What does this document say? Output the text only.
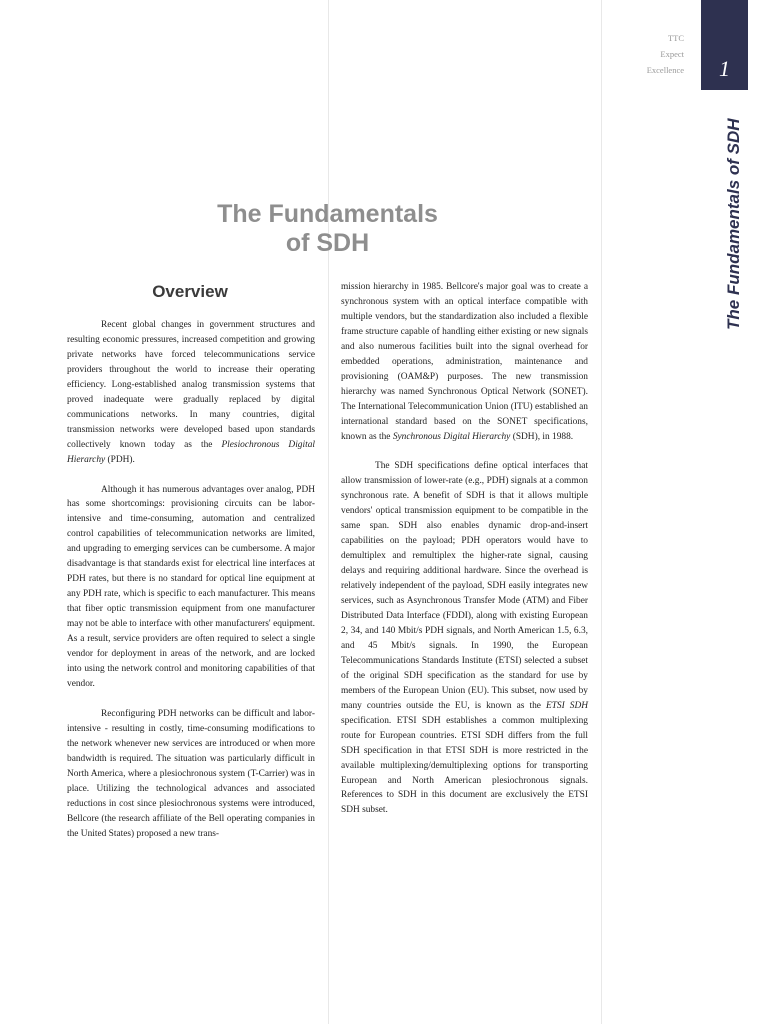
TTC
Expect
Excellence	1
The Fundamentals of SDH
The Fundamentals
of SDH
Overview

Recent global changes in government structures and resulting economic pressures, increased competition and growing private networks have forced telecommunications service providers throughout the world to increase their operating efficiency. Long-established analog transmission systems that proved inadequate were gradually replaced by digital communications networks. In many countries, digital transmission networks were developed based upon standards collectively known today as the Plesiochronous Digital Hierarchy (PDH).

Although it has numerous advantages over analog, PDH has some shortcomings: provisioning circuits can be labor-intensive and time-consuming, automation and centralized control capabilities of telecommunication networks are limited, and upgrading to emerging services can be cumbersome. A major disadvantage is that standards exist for electrical line interfaces at PDH rates, but there is no standard for optical line equipment at any PDH rate, which is specific to each manufacturer. This means that fiber optic transmission equipment from one manufacturer may not be able to interface with other manufacturers' equipment. As a result, service providers are often required to select a single vendor for deployment in areas of the network, and are locked into using the network control and monitoring capabilities of that vendor.

Reconfiguring PDH networks can be difficult and labor-intensive - resulting in costly, time-consuming modifications to the network whenever new services are introduced or when more bandwidth is required. The situation was particularly difficult in North America, where a plesiochronous system (T-Carrier) was in place. Utilizing the technological advances and associated reductions in cost since plesiochronous systems were introduced, Bellcore (the research affiliate of the Bell operating companies in the United States) proposed a new trans-

mission hierarchy in 1985. Bellcore's major goal was to create a synchronous system with an optical interface compatible with multiple vendors, but the standardization also included a flexible frame structure capable of handling either existing or new signals and also numerous facilities built into the signal overhead for embedded operations, administration, maintenance and provisioning (OAM&P) purposes. The new transmission hierarchy was named Synchronous Optical Network (SONET). The International Telecommunication Union (ITU) established an international standard based on the SONET specifications, known as the Synchronous Digital Hierarchy (SDH), in 1988.

The SDH specifications define optical interfaces that allow transmission of lower-rate (e.g., PDH) signals at a common synchronous rate. A benefit of SDH is that it allows multiple vendors' optical transmission equipment to be compatible in the same span. SDH also enables dynamic drop-and-insert capabilities on the payload; PDH operators would have to demultiplex and remultiplex the higher-rate signal, causing delays and requiring additional hardware. Since the overhead is relatively independent of the payload, SDH easily integrates new services, such as Asynchronous Transfer Mode (ATM) and Fiber Distributed Data Interface (FDDI), along with existing European 2, 34, and 140 Mbit/s PDH signals, and North American 1.5, 6.3, and 45 Mbit/s signals. In 1990, the European Telecommunications Standards Institute (ETSI) selected a subset of the original SDH specification as the standard for use by members of the European Union (EU). This subset, now used by many countries outside the EU, is known as the ETSI SDH specification. ETSI SDH establishes a common multiplexing route for European countries. ETSI SDH differs from the full SDH specification in that ETSI SDH is more restricted in the available multiplexing/demultiplexing options for transporting European and North American plesiochronous signals. References to SDH in this document are exclusively the ETSI SDH subset.
